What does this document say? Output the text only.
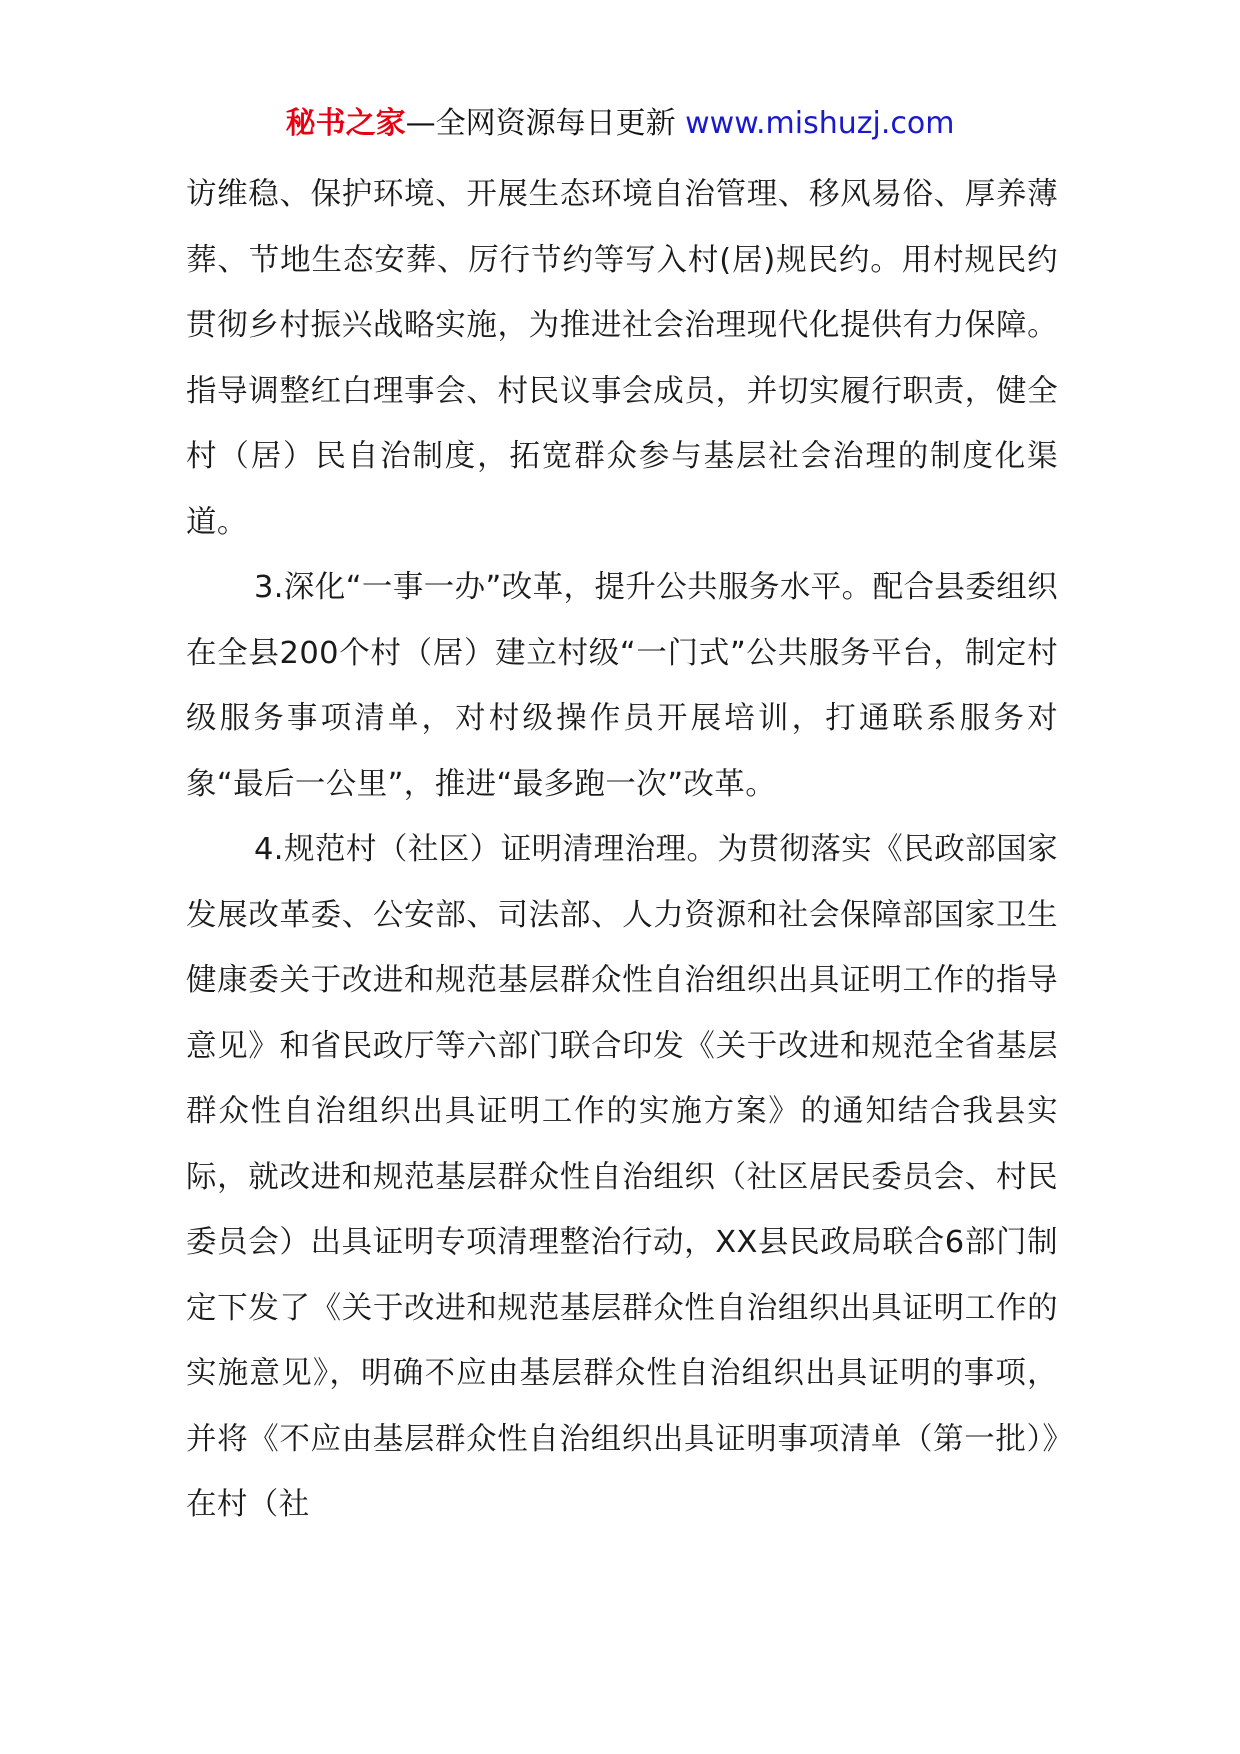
秘书之家—全网资源每日更新 www.mishuzj.com

访维稳、保护环境、开展生态环境自治管理、移风易俗、厚养薄葬、节地生态安葬、厉行节约等写入村(居)规民约。用村规民约贯彻乡村振兴战略实施，为推进社会治理现代化提供有力保障。指导调整红白理事会、村民议事会成员，并切实履行职责，健全村（居）民自治制度，拓宽群众参与基层社会治理的制度化渠道。

3.深化“一事一办”改革，提升公共服务水平。配合县委组织在全县200个村（居）建立村级“一门式”公共服务平台，制定村级服务事项清单，对村级操作员开展培训，打通联系服务对象“最后一公里”，推进“最多跑一次”改革。

4.规范村（社区）证明清理治理。为贯彻落实《民政部国家发展改革委、公安部、司法部、人力资源和社会保障部国家卫生健康委关于改进和规范基层群众性自治组织出具证明工作的指导意见》和省民政厅等六部门联合印发《关于改进和规范全省基层群众性自治组织出具证明工作的实施方案》的通知结合我县实际，就改进和规范基层群众性自治组织（社区居民委员会、村民委员会）出具证明专项清理整治行动，XX县民政局联合6部门制定下发了《关于改进和规范基层群众性自治组织出具证明工作的实施意见》，明确不应由基层群众性自治组织出具证明的事项，并将《不应由基层群众性自治组织出具证明事项清单（第一批）》在村（社
